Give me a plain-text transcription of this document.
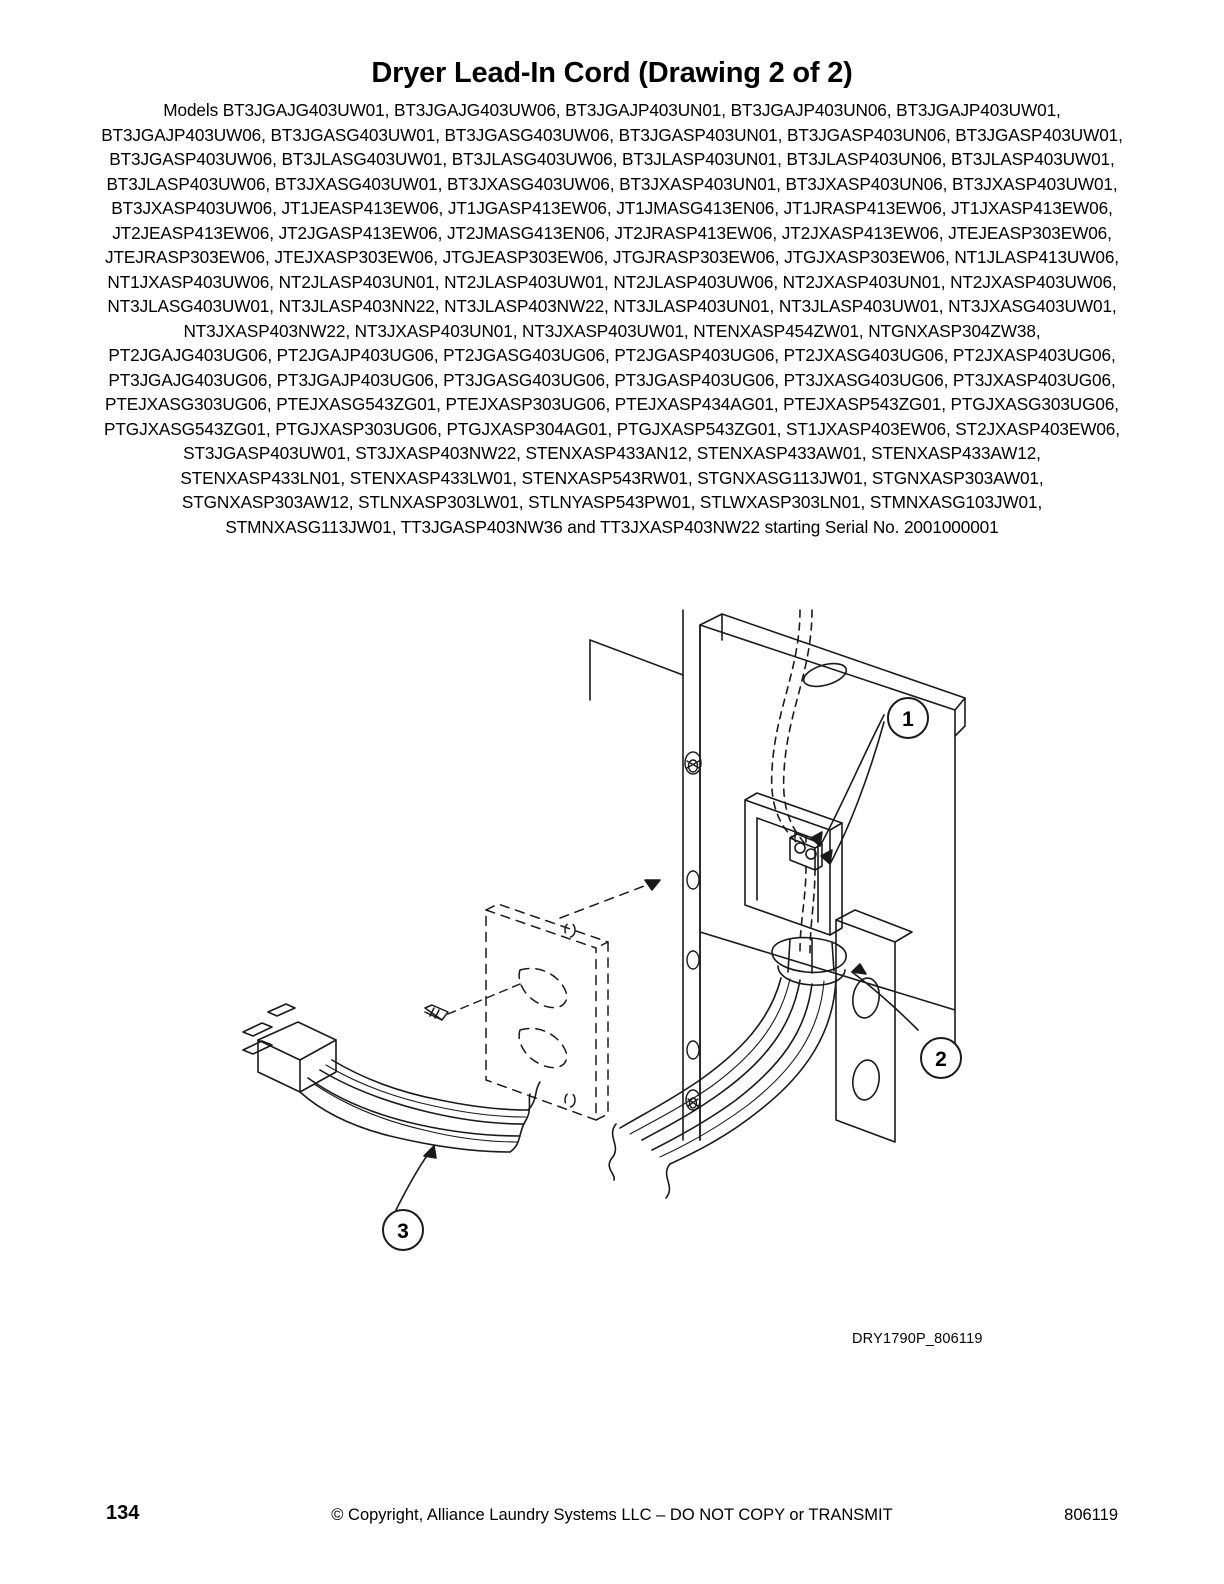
Dryer Lead-In Cord (Drawing 2 of 2)
Models BT3JGAJG403UW01, BT3JGAJG403UW06, BT3JGAJP403UN01, BT3JGAJP403UN06, BT3JGAJP403UW01, BT3JGAJP403UW06, BT3JGASG403UW01, BT3JGASG403UW06, BT3JGASP403UN01, BT3JGASP403UN06, BT3JGASP403UW01, BT3JGASP403UW06, BT3JLASG403UW01, BT3JLASG403UW06, BT3JLASP403UN01, BT3JLASP403UN06, BT3JLASP403UW01, BT3JLASP403UW06, BT3JXASG403UW01, BT3JXASG403UW06, BT3JXASP403UN01, BT3JXASP403UN06, BT3JXASP403UW01, BT3JXASP403UW06, JT1JEASP413EW06, JT1JGASP413EW06, JT1JMASG413EN06, JT1JRASP413EW06, JT1JXASP413EW06, JT2JEASP413EW06, JT2JGASP413EW06, JT2JMASG413EN06, JT2JRASP413EW06, JT2JXASP413EW06, JTEJEASP303EW06, JTEJRASP303EW06, JTEJXASP303EW06, JTGJEASP303EW06, JTGJRASP303EW06, JTGJXASP303EW06, NT1JLASP413UW06, NT1JXASP403UW06, NT2JLASP403UN01, NT2JLASP403UW01, NT2JLASP403UW06, NT2JXASP403UN01, NT2JXASP403UW06, NT3JLASG403UW01, NT3JLASP403NN22, NT3JLASP403NW22, NT3JLASP403UN01, NT3JLASP403UW01, NT3JXASG403UW01, NT3JXASP403NW22, NT3JXASP403UN01, NT3JXASP403UW01, NTENXASP454ZW01, NTGNXASP304ZW38, PT2JGAJG403UG06, PT2JGAJP403UG06, PT2JGASG403UG06, PT2JGASP403UG06, PT2JXASG403UG06, PT2JXASP403UG06, PT3JGAJG403UG06, PT3JGAJP403UG06, PT3JGASG403UG06, PT3JGASP403UG06, PT3JXASG403UG06, PT3JXASP403UG06, PTEJXASG303UG06, PTEJXASG543ZG01, PTEJXASP303UG06, PTEJXASP434AG01, PTEJXASP543ZG01, PTGJXASG303UG06, PTGJXASG543ZG01, PTGJXASP303UG06, PTGJXASP304AG01, PTGJXASP543ZG01, ST1JXASP403EW06, ST2JXASP403EW06, ST3JGASP403UW01, ST3JXASP403NW22, STENXASP433AN12, STENXASP433AW01, STENXASP433AW12, STENXASP433LN01, STENXASP433LW01, STENXASP543RW01, STGNXASG113JW01, STGNXASP303AW01, STGNXASP303AW12, STLNXASP303LW01, STLNYASP543PW01, STLWXASP303LN01, STMNXASG103JW01, STMNXASG113JW01, TT3JGASP403NW36 and TT3JXASP403NW22 starting Serial No. 2001000001
1
2
3
DRY1790P_806119
134	© Copyright, Alliance Laundry Systems LLC – DO NOT COPY or TRANSMIT	806119
